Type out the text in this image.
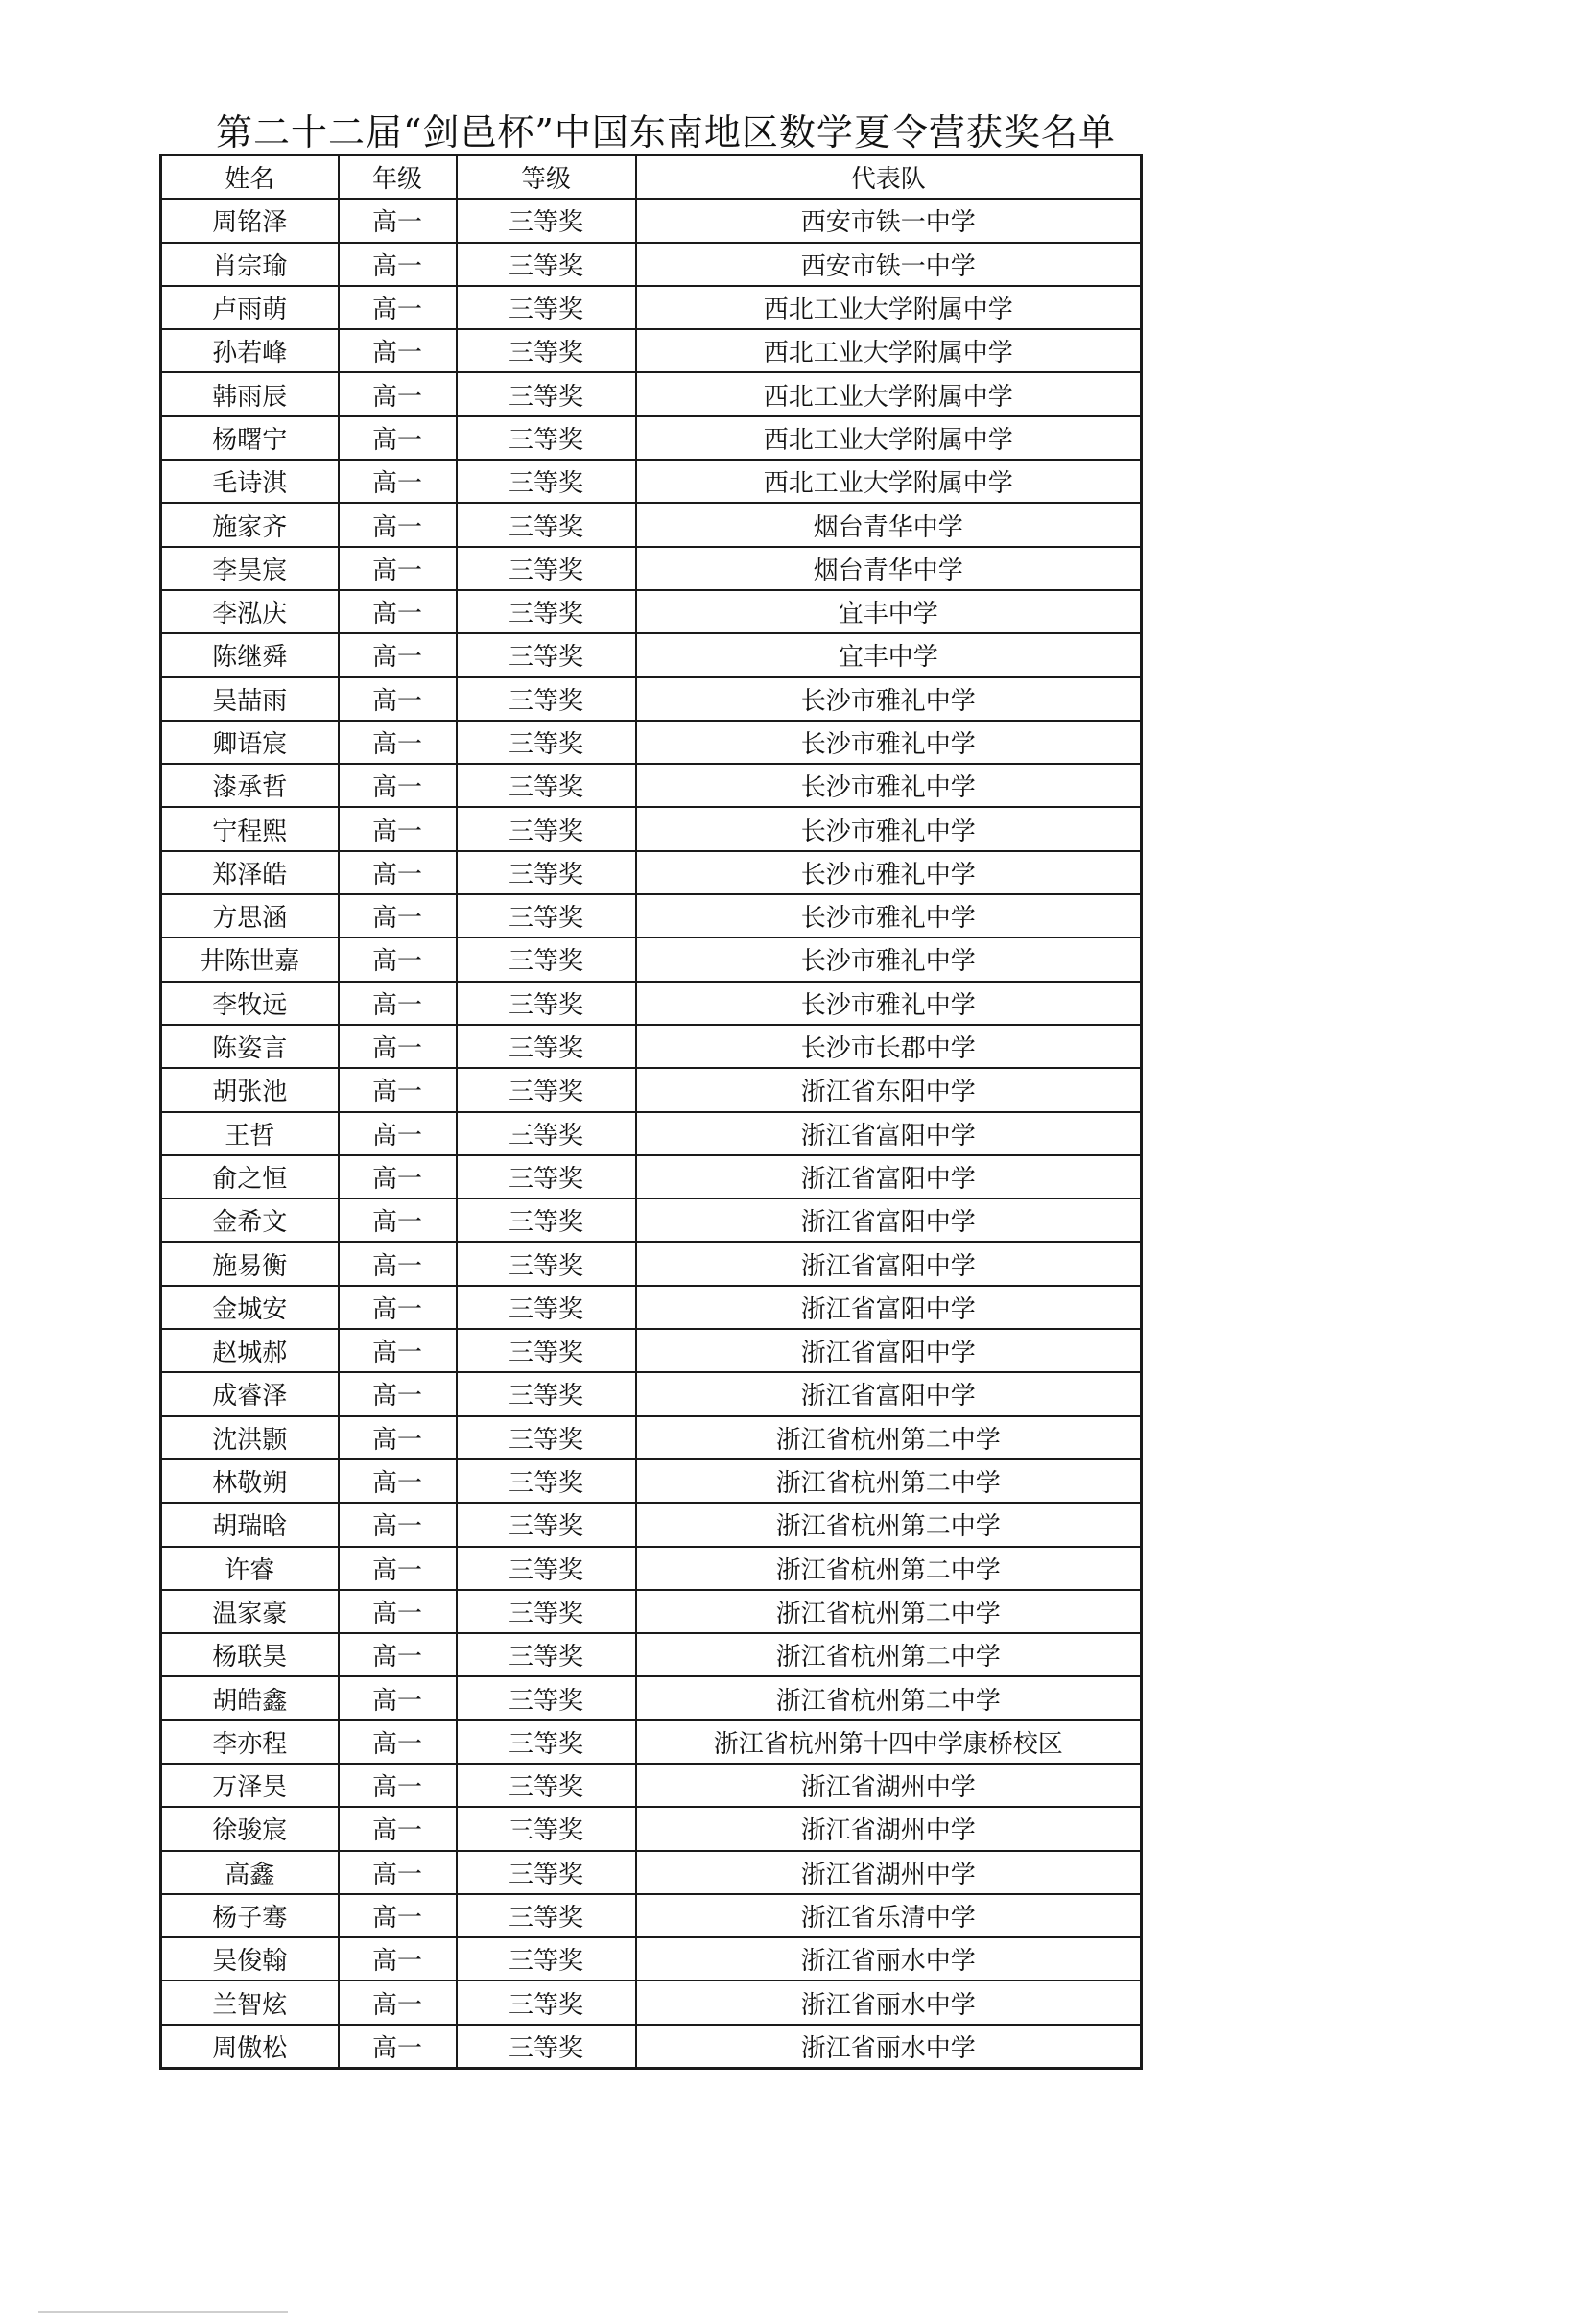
第二十二届“剑邑杯”中国东南地区数学夏令营获奖名单
姓名	年级	等级	代表队
周铭泽	高一	三等奖	西安市铁一中学
肖宗瑜	高一	三等奖	西安市铁一中学
卢雨萌	高一	三等奖	西北工业大学附属中学
孙若峰	高一	三等奖	西北工业大学附属中学
韩雨辰	高一	三等奖	西北工业大学附属中学
杨曙宁	高一	三等奖	西北工业大学附属中学
毛诗淇	高一	三等奖	西北工业大学附属中学
施家齐	高一	三等奖	烟台青华中学
李昊宸	高一	三等奖	烟台青华中学
李泓庆	高一	三等奖	宜丰中学
陈继舜	高一	三等奖	宜丰中学
吴喆雨	高一	三等奖	长沙市雅礼中学
卿语宸	高一	三等奖	长沙市雅礼中学
漆承哲	高一	三等奖	长沙市雅礼中学
宁程熙	高一	三等奖	长沙市雅礼中学
郑泽皓	高一	三等奖	长沙市雅礼中学
方思涵	高一	三等奖	长沙市雅礼中学
井陈世嘉	高一	三等奖	长沙市雅礼中学
李牧远	高一	三等奖	长沙市雅礼中学
陈姿言	高一	三等奖	长沙市长郡中学
胡张池	高一	三等奖	浙江省东阳中学
王哲	高一	三等奖	浙江省富阳中学
俞之恒	高一	三等奖	浙江省富阳中学
金希文	高一	三等奖	浙江省富阳中学
施易衡	高一	三等奖	浙江省富阳中学
金城安	高一	三等奖	浙江省富阳中学
赵城郝	高一	三等奖	浙江省富阳中学
成睿泽	高一	三等奖	浙江省富阳中学
沈洪颢	高一	三等奖	浙江省杭州第二中学
林敬朔	高一	三等奖	浙江省杭州第二中学
胡瑞晗	高一	三等奖	浙江省杭州第二中学
许睿	高一	三等奖	浙江省杭州第二中学
温家豪	高一	三等奖	浙江省杭州第二中学
杨联昊	高一	三等奖	浙江省杭州第二中学
胡皓鑫	高一	三等奖	浙江省杭州第二中学
李亦程	高一	三等奖	浙江省杭州第十四中学康桥校区
万泽昊	高一	三等奖	浙江省湖州中学
徐骏宸	高一	三等奖	浙江省湖州中学
高鑫	高一	三等奖	浙江省湖州中学
杨子骞	高一	三等奖	浙江省乐清中学
吴俊翰	高一	三等奖	浙江省丽水中学
兰智炫	高一	三等奖	浙江省丽水中学
周傲松	高一	三等奖	浙江省丽水中学
